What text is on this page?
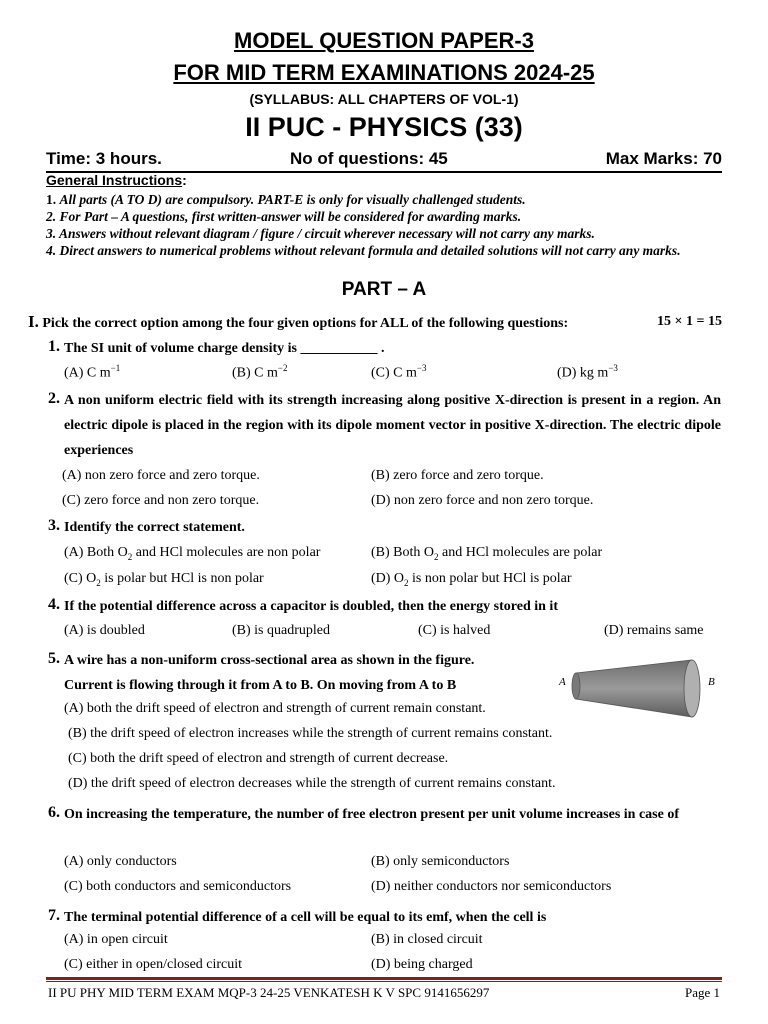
MODEL QUESTION PAPER-3
FOR MID TERM EXAMINATIONS 2024-25
(SYLLABUS: ALL CHAPTERS OF VOL-1)
II PUC - PHYSICS (33)
Time: 3 hours.	No of questions: 45	Max Marks: 70
General Instructions:
1. All parts (A TO D) are compulsory. PART-E is only for visually challenged students.
2. For Part – A questions, first written-answer will be considered for awarding marks.
3. Answers without relevant diagram / figure / circuit wherever necessary will not carry any marks.
4. Direct answers to numerical problems without relevant formula and detailed solutions will not carry any marks.
PART – A
I. Pick the correct option among the four given options for ALL of the following questions:	15 × 1 = 15
1. The SI unit of volume charge density is ___________ .
(A) C $m^{-1}$	(B) C $m^{-2}$	(C) C $m^{-3}$	(D) kg $m^{-3}$
2. A non uniform electric field with its strength increasing along positive X-direction is present in a region. An electric dipole is placed in the region with its dipole moment vector in positive X-direction. The electric dipole experiences
(A) non zero force and zero torque.	(B) zero force and zero torque.
(C) zero force and non zero torque.	(D) non zero force and non zero torque.
3. Identify the correct statement.
(A) Both $O_2$ and HCl molecules are non polar	(B) Both $O_2$ and HCl molecules are polar
(C) $O_2$ is polar but HCl is non polar	(D) $O_2$ is non polar but HCl is polar
4. If the potential difference across a capacitor is doubled, then the energy stored in it
(A) is doubled	(B) is quadrupled	(C) is halved	(D) remains same
5. A wire has a non-uniform cross-sectional area as shown in the figure.
Current is flowing through it from A to B. On moving from A to B	A	B
(A) both the drift speed of electron and strength of current remain constant.
(B) the drift speed of electron increases while the strength of current remains constant.
(C) both the drift speed of electron and strength of current decrease.
(D) the drift speed of electron decreases while the strength of current remains constant.
6. On increasing the temperature, the number of free electron present per unit volume increases in case of
(A) only conductors	(B) only semiconductors
(C) both conductors and semiconductors	(D) neither conductors nor semiconductors
7. The terminal potential difference of a cell will be equal to its emf, when the cell is
(A) in open circuit	(B) in closed circuit
(C) either in open/closed circuit	(D) being charged
II PU PHY MID TERM EXAM MQP-3 24-25 VENKATESH K V SPC 9141656297	Page 1
